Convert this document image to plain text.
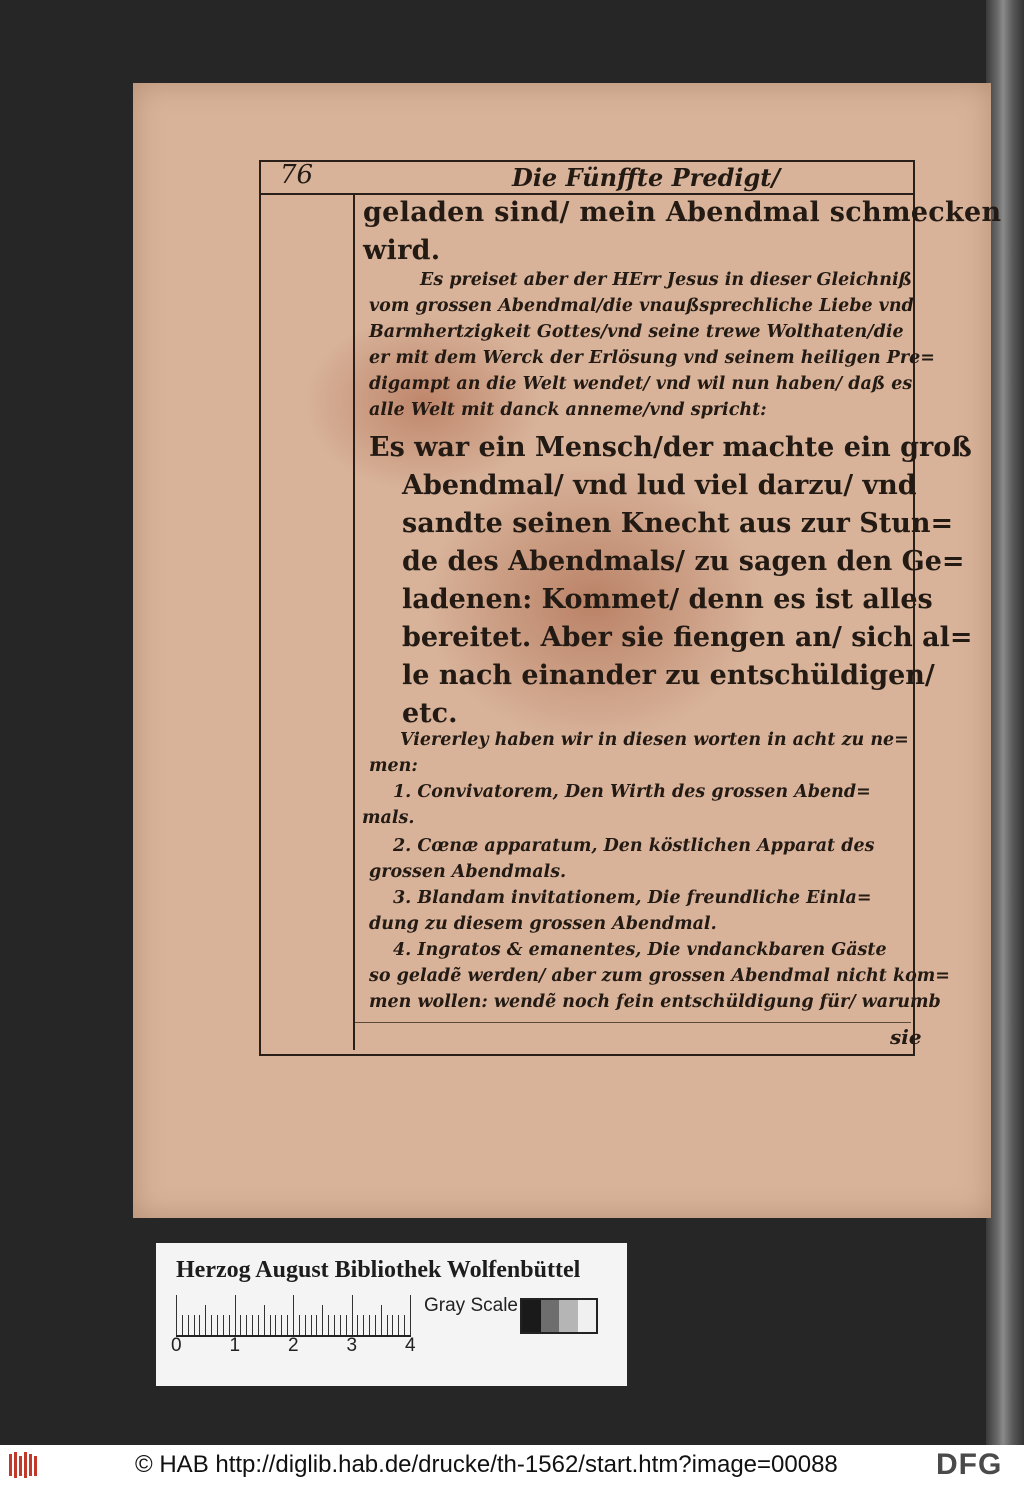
76	Die Fünffte Predigt/
geladen sind/ mein Abendmal schmecken
wird.
Es preiset aber der HErr Jesus in dieser Gleichniß
vom grossen Abendmal/die vnaußsprechliche Liebe vnd
Barmhertzigkeit Gottes/vnd seine trewe Wolthaten/die
er mit dem Werck der Erlösung vnd seinem heiligen Pre=
digampt an die Welt wendet/ vnd wil nun haben/ daß es
alle Welt mit danck anneme/vnd spricht:
Es war ein Mensch/der machte ein groß
Abendmal/ vnd lud viel darzu/ vnd
sandte seinen Knecht aus zur Stun=
de des Abendmals/ zu sagen den Ge=
ladenen: Kommet/ denn es ist alles
bereitet. Aber sie fiengen an/ sich al=
le nach einander zu entschüldigen/
etc.
Viererley haben wir in diesen worten in acht zu ne=
men:
1. Convivatorem, Den Wirth des grossen Abend=
mals.
2. Cœnæ apparatum, Den köstlichen Apparat des
grossen Abendmals.
3. Blandam invitationem, Die freundliche Einla=
dung zu diesem grossen Abendmal.
4. Ingratos & emanentes, Die vndanckbaren Gäste
so geladẽ werden/ aber zum grossen Abendmal nicht kom=
men wollen: wendẽ noch fein entschüldigung für/ warumb
sie
Herzog August Bibliothek Wolfenbüttel
0	1	2	3	4
Gray Scale
© HAB http://diglib.hab.de/drucke/th-1562/start.htm?image=00088	DFG
